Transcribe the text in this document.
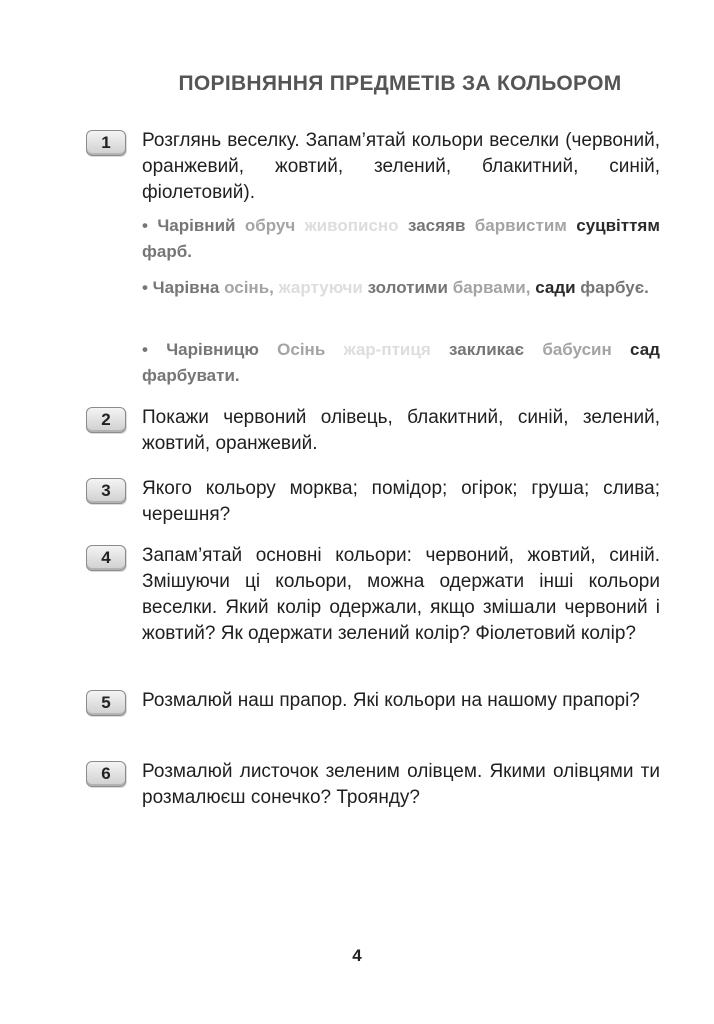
ПОРІВНЯННЯ ПРЕДМЕТІВ ЗА КОЛЬОРОМ
1	Розглянь веселку. Запам’ятай кольори веселки (червоний, оранжевий, жовтий, зелений, блакитний, синій, фіолетовий).
• Чарівний обруч живописно засяяв барвистим суцвіттям фарб.
• Чарівна осінь, жартуючи золотими барвами, сади фарбує.
• Чарівницю Осінь жар-птиця закликає бабусин сад фарбувати.
2	Покажи червоний олівець, блакитний, синій, зелений, жовтий, оранжевий.
3	Якого кольору морква; помідор; огірок; груша; слива; черешня?
4	Запам’ятай основні кольори: червоний, жовтий, синій. Змішуючи ці кольори, можна одержати інші кольори веселки. Який колір одержали, якщо змішали червоний і жовтий? Як одержати зелений колір? Фіолетовий колір?
5	Розмалюй наш прапор. Які кольори на нашому прапорі?
6	Розмалюй листочок зеленим олівцем. Якими олівцями ти розмалюєш сонечко? Троянду?
4
